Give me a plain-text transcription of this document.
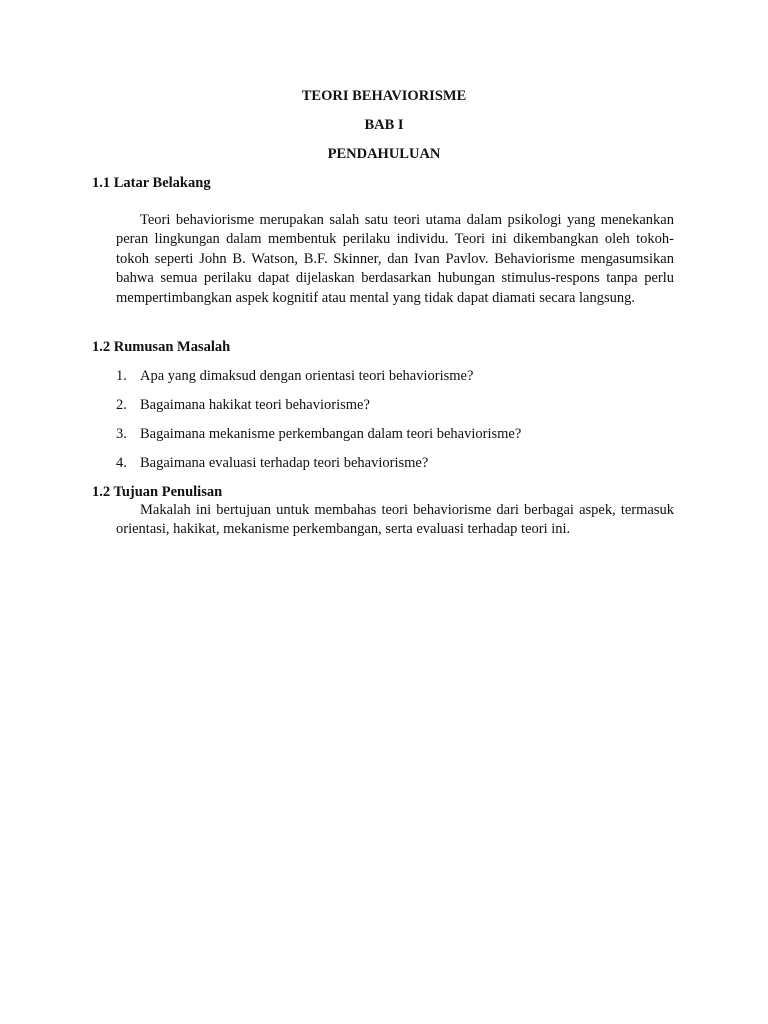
TEORI BEHAVIORISME
BAB I
PENDAHULUAN
1.1 Latar Belakang

Teori behaviorisme merupakan salah satu teori utama dalam psikologi yang menekankan peran lingkungan dalam membentuk perilaku individu. Teori ini dikembangkan oleh tokoh-tokoh seperti John B. Watson, B.F. Skinner, dan Ivan Pavlov. Behaviorisme mengasumsikan bahwa semua perilaku dapat dijelaskan berdasarkan hubungan stimulus-respons tanpa perlu mempertimbangkan aspek kognitif atau mental yang tidak dapat diamati secara langsung.

1.2 Rumusan Masalah
1. Apa yang dimaksud dengan orientasi teori behaviorisme?
2. Bagaimana hakikat teori behaviorisme?
3. Bagaimana mekanisme perkembangan dalam teori behaviorisme?
4. Bagaimana evaluasi terhadap teori behaviorisme?
1.2 Tujuan Penulisan

Makalah ini bertujuan untuk membahas teori behaviorisme dari berbagai aspek, termasuk orientasi, hakikat, mekanisme perkembangan, serta evaluasi terhadap teori ini.
